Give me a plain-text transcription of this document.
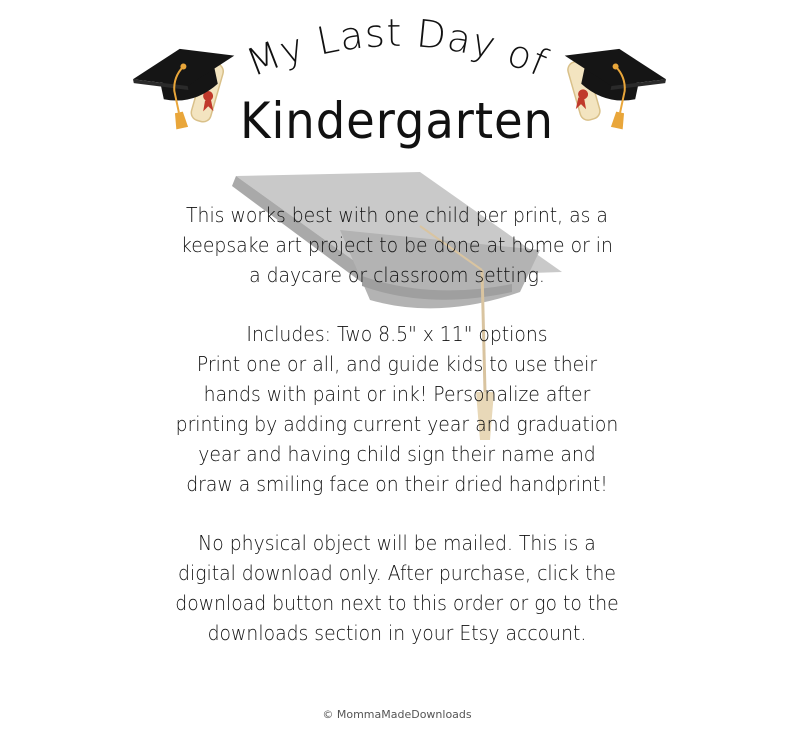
My Last Day of
Kindergarten

This works best with one child per print, as a
keepsake art project to be done at home or in
a daycare or classroom setting.

Includes: Two 8.5" x 11" options
Print one or all, and guide kids to use their
hands with paint or ink! Personalize after
printing by adding current year and graduation
year and having child sign their name and
draw a smiling face on their dried handprint!

No physical object will be mailed. This is a
digital download only. After purchase, click the
download button next to this order or go to the
downloads section in your Etsy account.

© MommaMadeDownloads
